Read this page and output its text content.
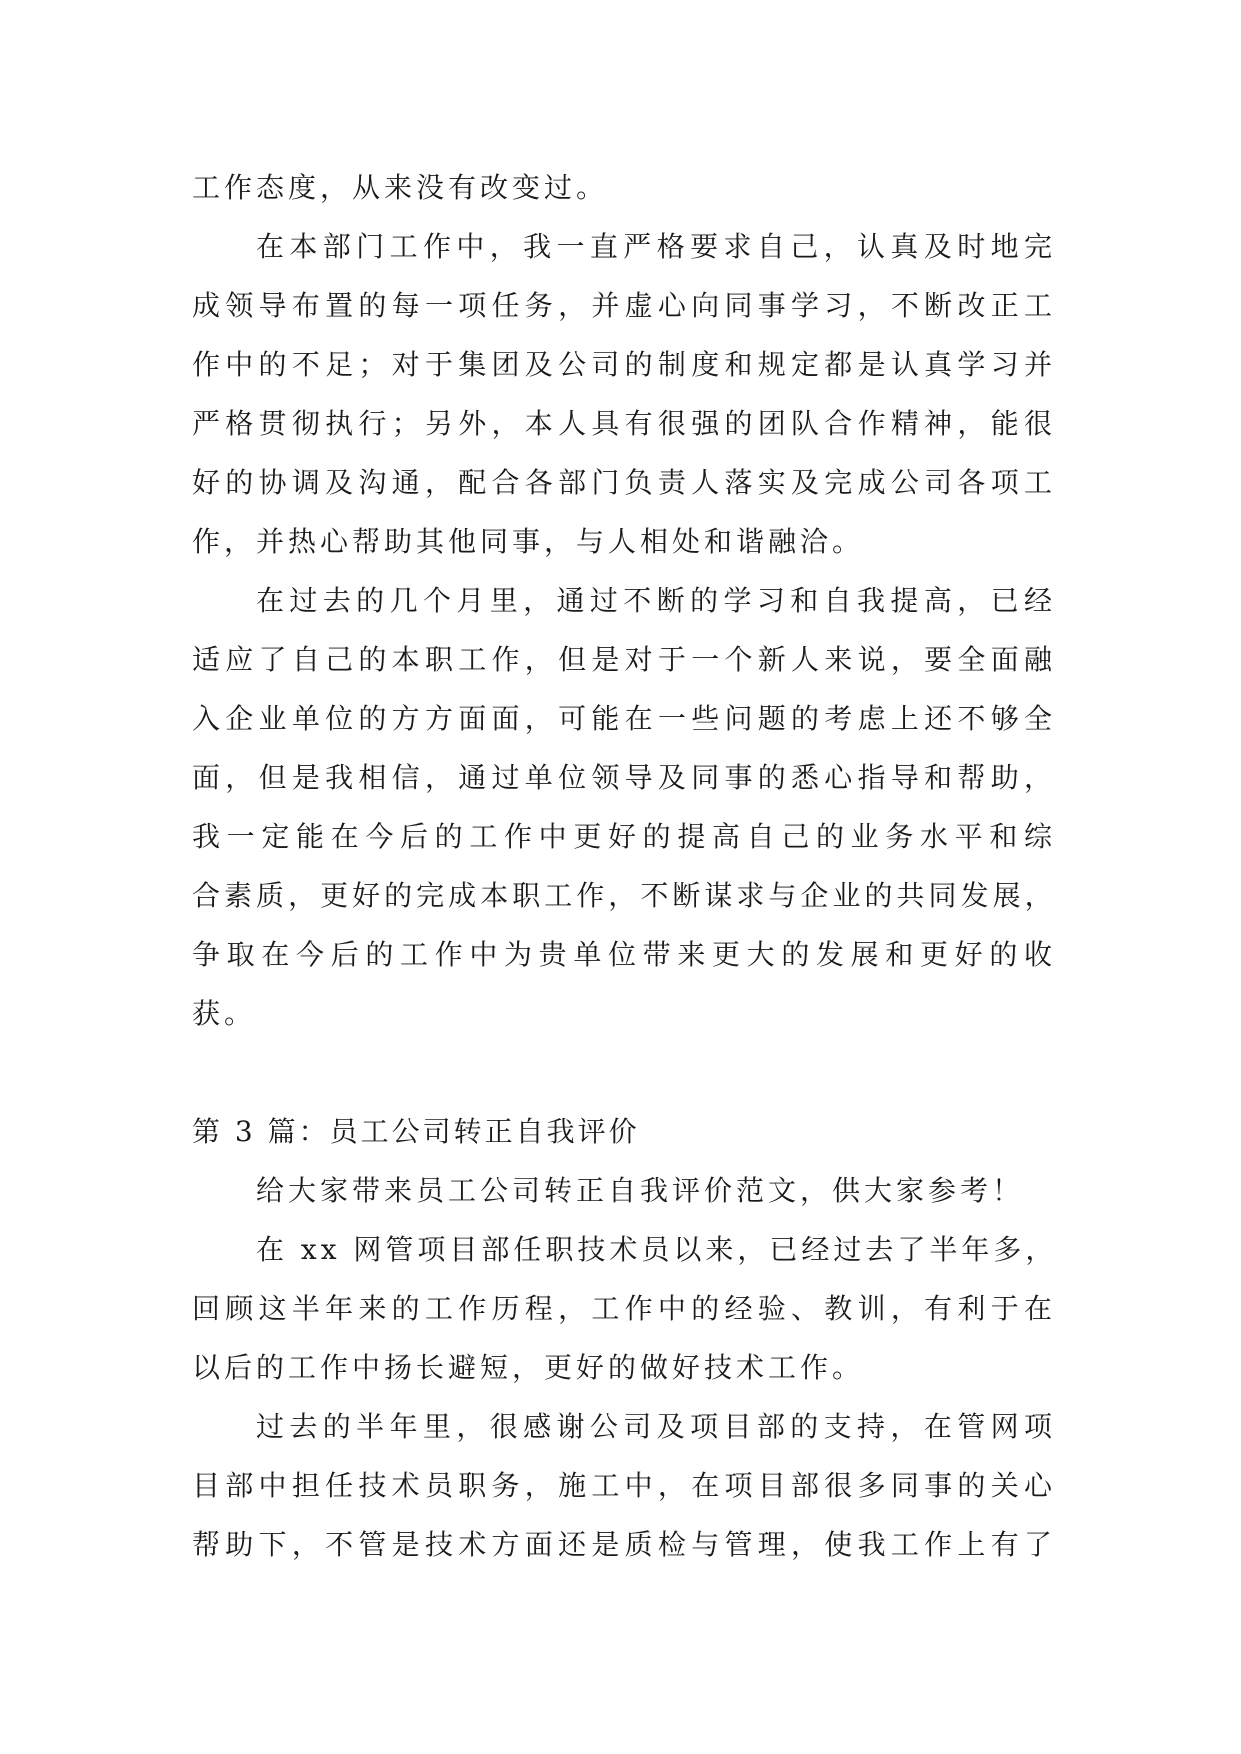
工作态度，从来没有改变过。
在本部门工作中，我一直严格要求自己，认真及时地完
成领导布置的每一项任务，并虚心向同事学习，不断改正工
作中的不足；对于集团及公司的制度和规定都是认真学习并
严格贯彻执行；另外，本人具有很强的团队合作精神，能很
好的协调及沟通，配合各部门负责人落实及完成公司各项工
作，并热心帮助其他同事，与人相处和谐融洽。
在过去的几个月里，通过不断的学习和自我提高，已经
适应了自己的本职工作，但是对于一个新人来说，要全面融
入企业单位的方方面面，可能在一些问题的考虑上还不够全
面，但是我相信，通过单位领导及同事的悉心指导和帮助，
我一定能在今后的工作中更好的提高自己的业务水平和综
合素质，更好的完成本职工作，不断谋求与企业的共同发展，
争取在今后的工作中为贵单位带来更大的发展和更好的收
获。
第 3 篇：员工公司转正自我评价
给大家带来员工公司转正自我评价范文，供大家参考！
在 xx 网管项目部任职技术员以来，已经过去了半年多，
回顾这半年来的工作历程，工作中的经验、教训，有利于在
以后的工作中扬长避短，更好的做好技术工作。
过去的半年里，很感谢公司及项目部的支持，在管网项
目部中担任技术员职务，施工中，在项目部很多同事的关心
帮助下，不管是技术方面还是质检与管理，使我工作上有了
